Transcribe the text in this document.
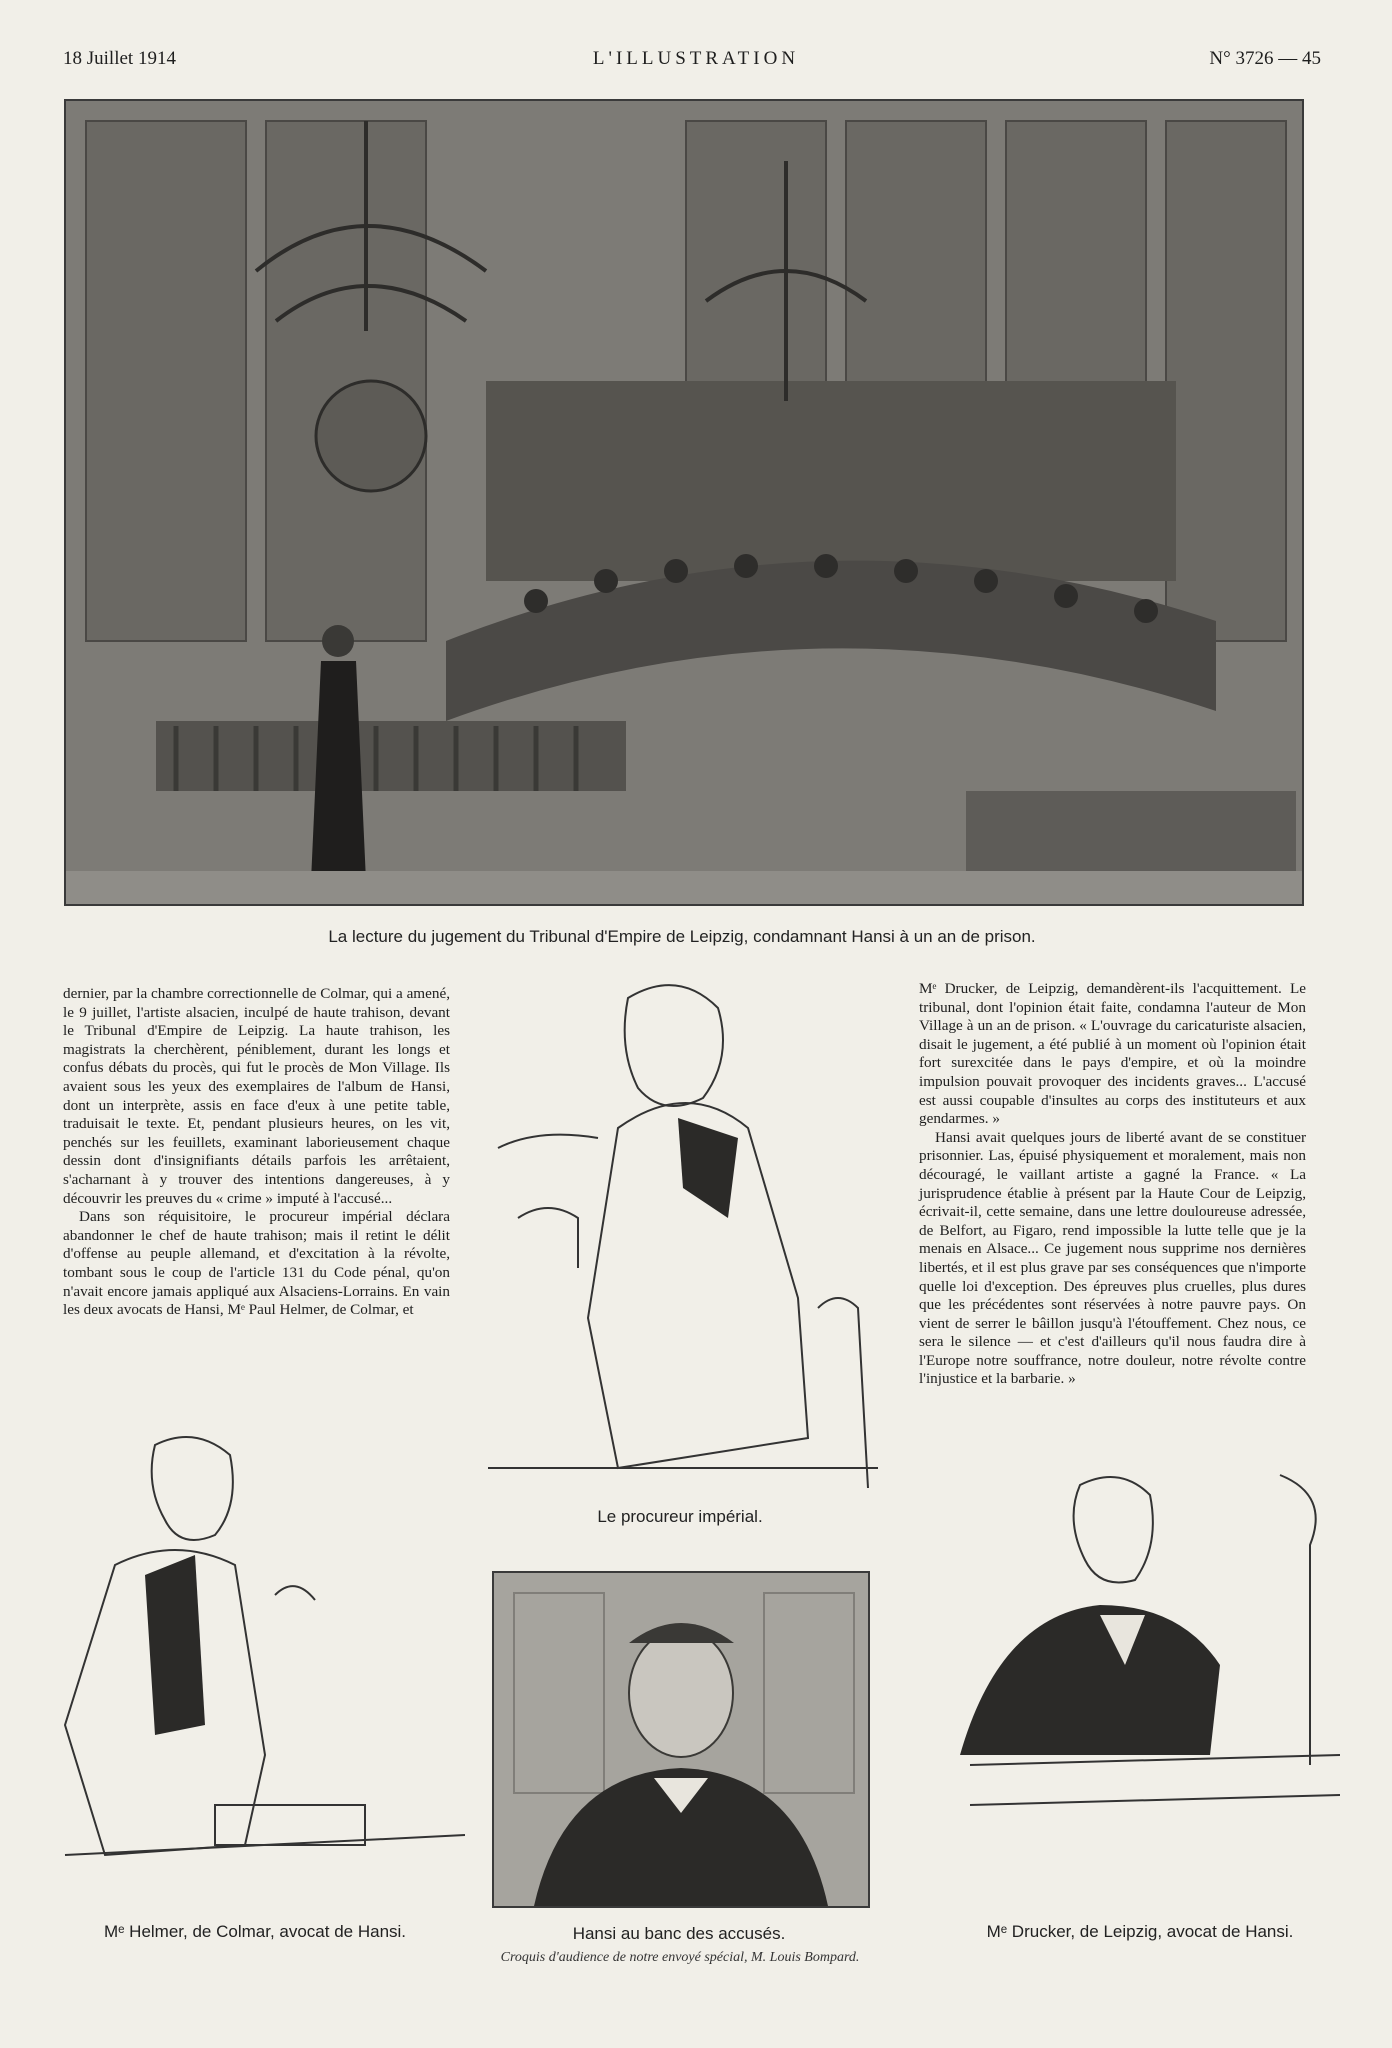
18 Juillet 1914	L'ILLUSTRATION	N° 3726 — 45
La lecture du jugement du Tribunal d'Empire de Leipzig, condamnant Hansi à un an de prison.

dernier, par la chambre correctionnelle de Colmar, qui a amené, le 9 juillet, l'artiste alsacien, inculpé de haute trahison, devant le Tribunal d'Empire de Leipzig. La haute trahison, les magistrats la cherchèrent, péniblement, durant les longs et confus débats du procès, qui fut le procès de Mon Village. Ils avaient sous les yeux des exemplaires de l'album de Hansi, dont un interprète, assis en face d'eux à une petite table, traduisait le texte. Et, pendant plusieurs heures, on les vit, penchés sur les feuillets, examinant laborieusement chaque dessin dont d'insignifiants détails parfois les arrêtaient, s'acharnant à y trouver des intentions dangereuses, à y découvrir les preuves du « crime » imputé à l'accusé...

Dans son réquisitoire, le procureur impérial déclara abandonner le chef de haute trahison; mais il retint le délit d'offense au peuple allemand, et d'excitation à la révolte, tombant sous le coup de l'article 131 du Code pénal, qu'on n'avait encore jamais appliqué aux Alsaciens-Lorrains. En vain les deux avocats de Hansi, Mᵉ Paul Helmer, de Colmar, et

Le procureur impérial.

Mᵉ Drucker, de Leipzig, demandèrent-ils l'acquittement. Le tribunal, dont l'opinion était faite, condamna l'auteur de Mon Village à un an de prison. « L'ouvrage du caricaturiste alsacien, disait le jugement, a été publié à un moment où l'opinion était fort surexcitée dans le pays d'empire, et où la moindre impulsion pouvait provoquer des incidents graves... L'accusé est aussi coupable d'insultes au corps des instituteurs et aux gendarmes. »

Hansi avait quelques jours de liberté avant de se constituer prisonnier. Las, épuisé physiquement et moralement, mais non découragé, le vaillant artiste a gagné la France. « La jurisprudence établie à présent par la Haute Cour de Leipzig, écrivait-il, cette semaine, dans une lettre douloureuse adressée, de Belfort, au Figaro, rend impossible la lutte telle que je la menais en Alsace... Ce jugement nous supprime nos dernières libertés, et il est plus grave par ses conséquences que n'importe quelle loi d'exception. Des épreuves plus cruelles, plus dures que les précédentes sont réservées à notre pauvre pays. On vient de serrer le bâillon jusqu'à l'étouffement. Chez nous, ce sera le silence — et c'est d'ailleurs qu'il nous faudra dire à l'Europe notre souffrance, notre douleur, notre révolte contre l'injustice et la barbarie. »

Mᵉ Helmer, de Colmar, avocat de Hansi.	Hansi au banc des accusés.
Croquis d'audience de notre envoyé spécial, M. Louis Bompard.
Mᵉ Drucker, de Leipzig, avocat de Hansi.
